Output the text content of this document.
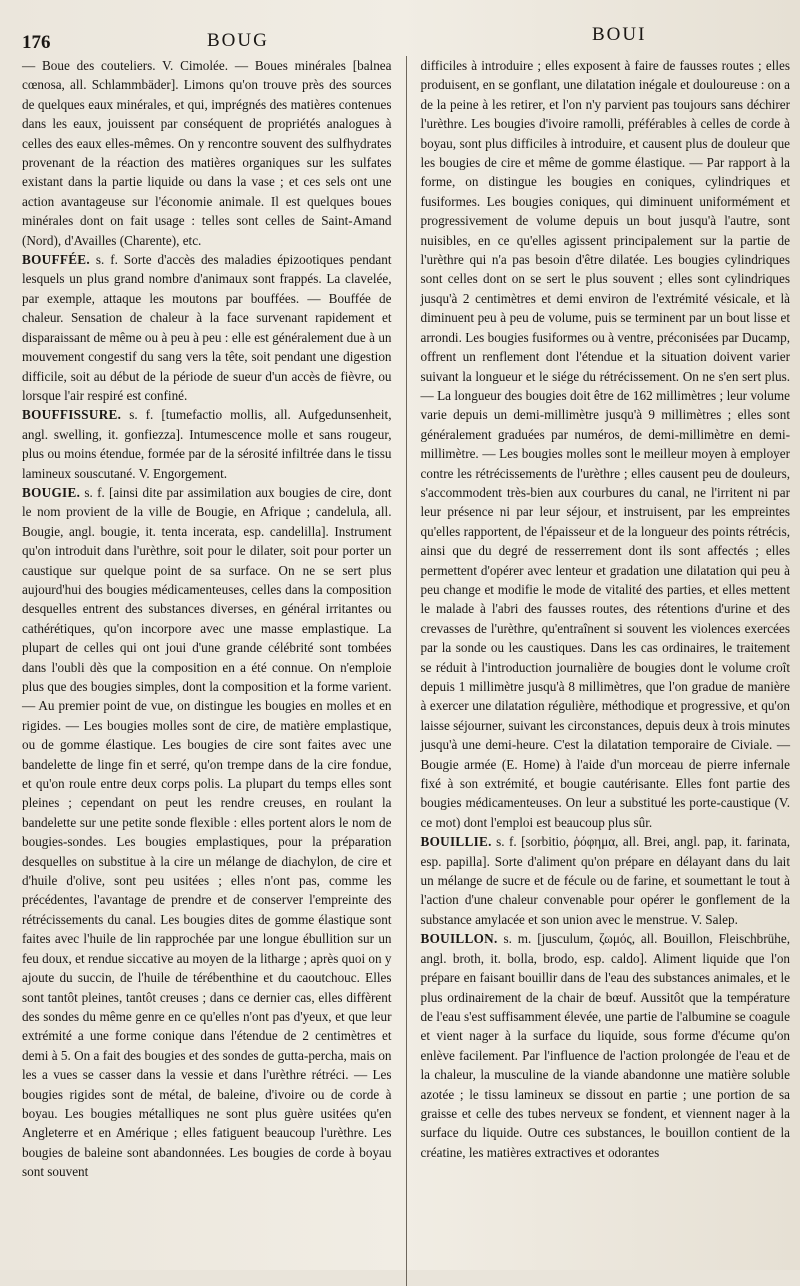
176	BOUG	BOUI

— Boue des couteliers. V. Cimolée. — Boues minérales [balnea cœnosa, all. Schlammbäder]. Limons qu'on trouve près des sources de quelques eaux minérales, et qui, imprégnés des matières contenues dans les eaux, jouissent par conséquent de propriétés analogues à celles des eaux elles-mêmes. On y rencontre souvent des sulfhydrates provenant de la réaction des matières organiques sur les sulfates existant dans la partie liquide ou dans la vase ; et ces sels ont une action avantageuse sur l'économie animale. Il est quelques boues minérales dont on fait usage : telles sont celles de Saint-Amand (Nord), d'Availles (Charente), etc.

BOUFFÉE. s. f. Sorte d'accès des maladies épizootiques pendant lesquels un plus grand nombre d'animaux sont frappés. La clavelée, par exemple, attaque les moutons par bouffées. — Bouffée de chaleur. Sensation de chaleur à la face survenant rapidement et disparaissant de même ou à peu à peu : elle est généralement due à un mouvement congestif du sang vers la tête, soit pendant une digestion difficile, soit au début de la période de sueur d'un accès de fièvre, ou lorsque l'air respiré est confiné.

BOUFFISSURE. s. f. [tumefactio mollis, all. Aufgedunsenheit, angl. swelling, it. gonfiezza]. Intumescence molle et sans rougeur, plus ou moins étendue, formée par de la sérosité infiltrée dans le tissu lamineux souscutané. V. Engorgement.

BOUGIE. s. f. [ainsi dite par assimilation aux bougies de cire, dont le nom provient de la ville de Bougie, en Afrique ; candelula, all. Bougie, angl. bougie, it. tenta incerata, esp. candelilla]. Instrument qu'on introduit dans l'urèthre, soit pour le dilater, soit pour porter un caustique sur quelque point de sa surface. On ne se sert plus aujourd'hui des bougies médicamenteuses, celles dans la composition desquelles entrent des substances diverses, en général irritantes ou cathérétiques, qu'on incorpore avec une masse emplastique. La plupart de celles qui ont joui d'une grande célébrité sont tombées dans l'oubli dès que la composition en a été connue. On n'emploie plus que des bougies simples, dont la composition et la forme varient. — Au premier point de vue, on distingue les bougies en molles et en rigides. — Les bougies molles sont de cire, de matière emplastique, ou de gomme élastique. Les bougies de cire sont faites avec une bandelette de linge fin et serré, qu'on trempe dans de la cire fondue, et qu'on roule entre deux corps polis. La plupart du temps elles sont pleines ; cependant on peut les rendre creuses, en roulant la bandelette sur une petite sonde flexible : elles portent alors le nom de bougies-sondes. Les bougies emplastiques, pour la préparation desquelles on substitue à la cire un mélange de diachylon, de cire et d'huile d'olive, sont peu usitées ; elles n'ont pas, comme les précédentes, l'avantage de prendre et de conserver l'empreinte des rétrécissements du canal. Les bougies dites de gomme élastique sont faites avec l'huile de lin rapprochée par une longue ébullition sur un feu doux, et rendue siccative au moyen de la litharge ; après quoi on y ajoute du succin, de l'huile de térébenthine et du caoutchouc. Elles sont tantôt pleines, tantôt creuses ; dans ce dernier cas, elles diffèrent des sondes du même genre en ce qu'elles n'ont pas d'yeux, et que leur extrémité a une forme conique dans l'étendue de 2 centimètres et demi à 5. On a fait des bougies et des sondes de gutta-percha, mais on les a vues se casser dans la vessie et dans l'urèthre rétréci. — Les bougies rigides sont de métal, de baleine, d'ivoire ou de corde à boyau. Les bougies métalliques ne sont plus guère usitées qu'en Angleterre et en Amérique ; elles fatiguent beaucoup l'urèthre. Les bougies de baleine sont abandonnées. Les bougies de corde à boyau sont souvent

difficiles à introduire ; elles exposent à faire de fausses routes ; elles produisent, en se gonflant, une dilatation inégale et douloureuse : on a de la peine à les retirer, et l'on n'y parvient pas toujours sans déchirer l'urèthre. Les bougies d'ivoire ramolli, préférables à celles de corde à boyau, sont plus difficiles à introduire, et causent plus de douleur que les bougies de cire et même de gomme élastique. — Par rapport à la forme, on distingue les bougies en coniques, cylindriques et fusiformes. Les bougies coniques, qui diminuent uniformément et progressivement de volume depuis un bout jusqu'à l'autre, sont nuisibles, en ce qu'elles agissent principalement sur la partie de l'urèthre qui n'a pas besoin d'être dilatée. Les bougies cylindriques sont celles dont on se sert le plus souvent ; elles sont cylindriques jusqu'à 2 centimètres et demi environ de l'extrémité vésicale, et là diminuent peu à peu de volume, puis se terminent par un bout lisse et arrondi. Les bougies fusiformes ou à ventre, préconisées par Ducamp, offrent un renflement dont l'étendue et la situation doivent varier suivant la longueur et le siége du rétrécissement. On ne s'en sert plus. — La longueur des bougies doit être de 162 millimètres ; leur volume varie depuis un demi-millimètre jusqu'à 9 millimètres ; elles sont généralement graduées par numéros, de demi-millimètre en demi-millimètre. — Les bougies molles sont le meilleur moyen à employer contre les rétrécissements de l'urèthre ; elles causent peu de douleurs, s'accommodent très-bien aux courbures du canal, ne l'irritent ni par leur présence ni par leur séjour, et instruisent, par les empreintes qu'elles rapportent, de l'épaisseur et de la longueur des points rétrécis, ainsi que du degré de resserrement dont ils sont affectés ; elles permettent d'opérer avec lenteur et gradation une dilatation qui peu à peu change et modifie le mode de vitalité des parties, et elles mettent le malade à l'abri des fausses routes, des rétentions d'urine et des crevasses de l'urèthre, qu'entraînent si souvent les violences exercées par la sonde ou les caustiques. Dans les cas ordinaires, le traitement se réduit à l'introduction journalière de bougies dont le volume croît depuis 1 millimètre jusqu'à 8 millimètres, que l'on gradue de manière à exercer une dilatation régulière, méthodique et progressive, et qu'on laisse séjourner, suivant les circonstances, depuis deux à trois minutes jusqu'à une demi-heure. C'est la dilatation temporaire de Civiale. — Bougie armée (E. Home) à l'aide d'un morceau de pierre infernale fixé à son extrémité, et bougie cautérisante. Elles font partie des bougies médicamenteuses. On leur a substitué les porte-caustique (V. ce mot) dont l'emploi est beaucoup plus sûr.

BOUILLIE. s. f. [sorbitio, ῥόφημα, all. Brei, angl. pap, it. farinata, esp. papilla]. Sorte d'aliment qu'on prépare en délayant dans du lait un mélange de sucre et de fécule ou de farine, et soumettant le tout à l'action d'une chaleur convenable pour opérer le gonflement de la substance amylacée et son union avec le menstrue. V. Salep.

BOUILLON. s. m. [jusculum, ζωμός, all. Bouillon, Fleischbrühe, angl. broth, it. bolla, brodo, esp. caldo]. Aliment liquide que l'on prépare en faisant bouillir dans de l'eau des substances animales, et le plus ordinairement de la chair de bœuf. Aussitôt que la température de l'eau s'est suffisamment élevée, une partie de l'albumine se coagule et vient nager à la surface du liquide, sous forme d'écume qu'on enlève facilement. Par l'influence de l'action prolongée de l'eau et de la chaleur, la musculine de la viande abandonne une matière soluble azotée ; le tissu lamineux se dissout en partie ; une portion de sa graisse et celle des tubes nerveux se fondent, et viennent nager à la surface du liquide. Outre ces substances, le bouillon contient de la créatine, les matières extractives et odorantes
